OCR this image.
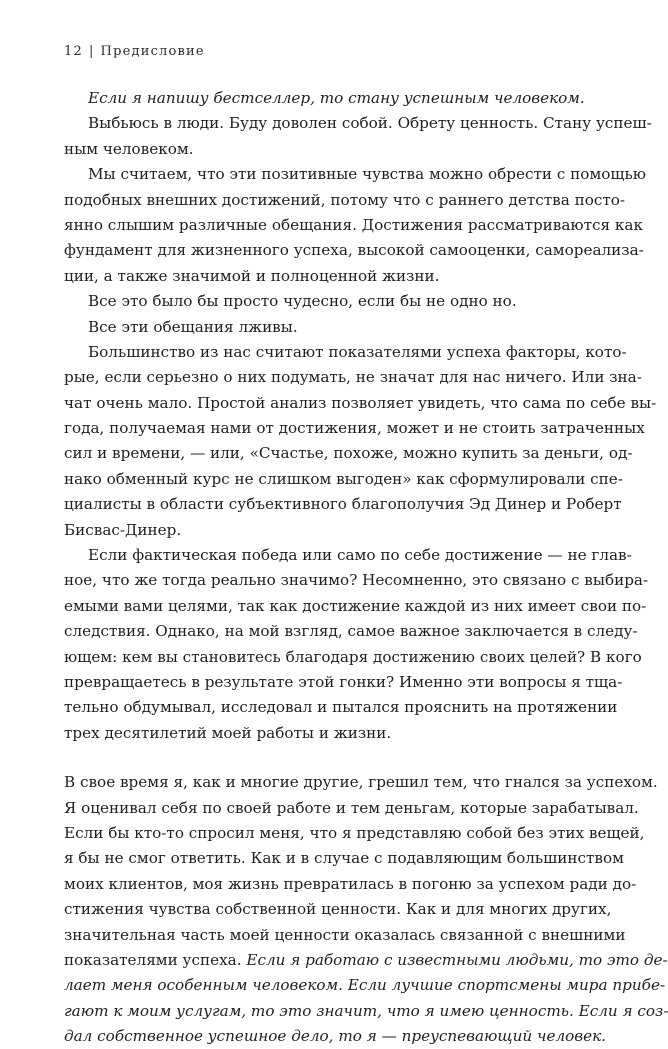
12 | Предисловие
Если я напишу бестселлер, то стану успешным человеком.
Выбьюсь в люди. Буду доволен собой. Обрету ценность. Стану успеш-
ным человеком.
Мы считаем, что эти позитивные чувства можно обрести с помощью
подобных внешних достижений, потому что с раннего детства посто-
янно слышим различные обещания. Достижения рассматриваются как
фундамент для жизненного успеха, высокой самооценки, самореализа-
ции, а также значимой и полноценной жизни.
Все это было бы просто чудесно, если бы не одно но.
Все эти обещания лживы.
Большинство из нас считают показателями успеха факторы, кото-
рые, если серьезно о них подумать, не значат для нас ничего. Или зна-
чат очень мало. Простой анализ позволяет увидеть, что сама по себе вы-
года, получаемая нами от достижения, может и не стоить затраченных
сил и времени, — или, «Счастье, похоже, можно купить за деньги, од-
нако обменный курс не слишком выгоден» как сформулировали спе-
циалисты в области субъективного благополучия Эд Динер и Роберт
Бисвас-Динер.
Если фактическая победа или само по себе достижение — не глав-
ное, что же тогда реально значимо? Несомненно, это связано с выбира-
емыми вами целями, так как достижение каждой из них имеет свои по-
следствия. Однако, на мой взгляд, самое важное заключается в следу-
ющем: кем вы становитесь благодаря достижению своих целей? В кого
превращаетесь в результате этой гонки? Именно эти вопросы я тща-
тельно обдумывал, исследовал и пытался прояснить на протяжении
трех десятилетий моей работы и жизни.
В свое время я, как и многие другие, грешил тем, что гнался за успехом.
Я оценивал себя по своей работе и тем деньгам, которые зарабатывал.
Если бы кто-то спросил меня, что я представляю собой без этих вещей,
я бы не смог ответить. Как и в случае с подавляющим большинством
моих клиентов, моя жизнь превратилась в погоню за успехом ради до-
стижения чувства собственной ценности. Как и для многих других,
значительная часть моей ценности оказалась связанной с внешними
показателями успеха. Если я работаю с известными людьми, то это де-
лает меня особенным человеком. Если лучшие спортсмены мира прибе-
гают к моим услугам, то это значит, что я имею ценность. Если я соз-
дал собственное успешное дело, то я — преуспевающий человек.
